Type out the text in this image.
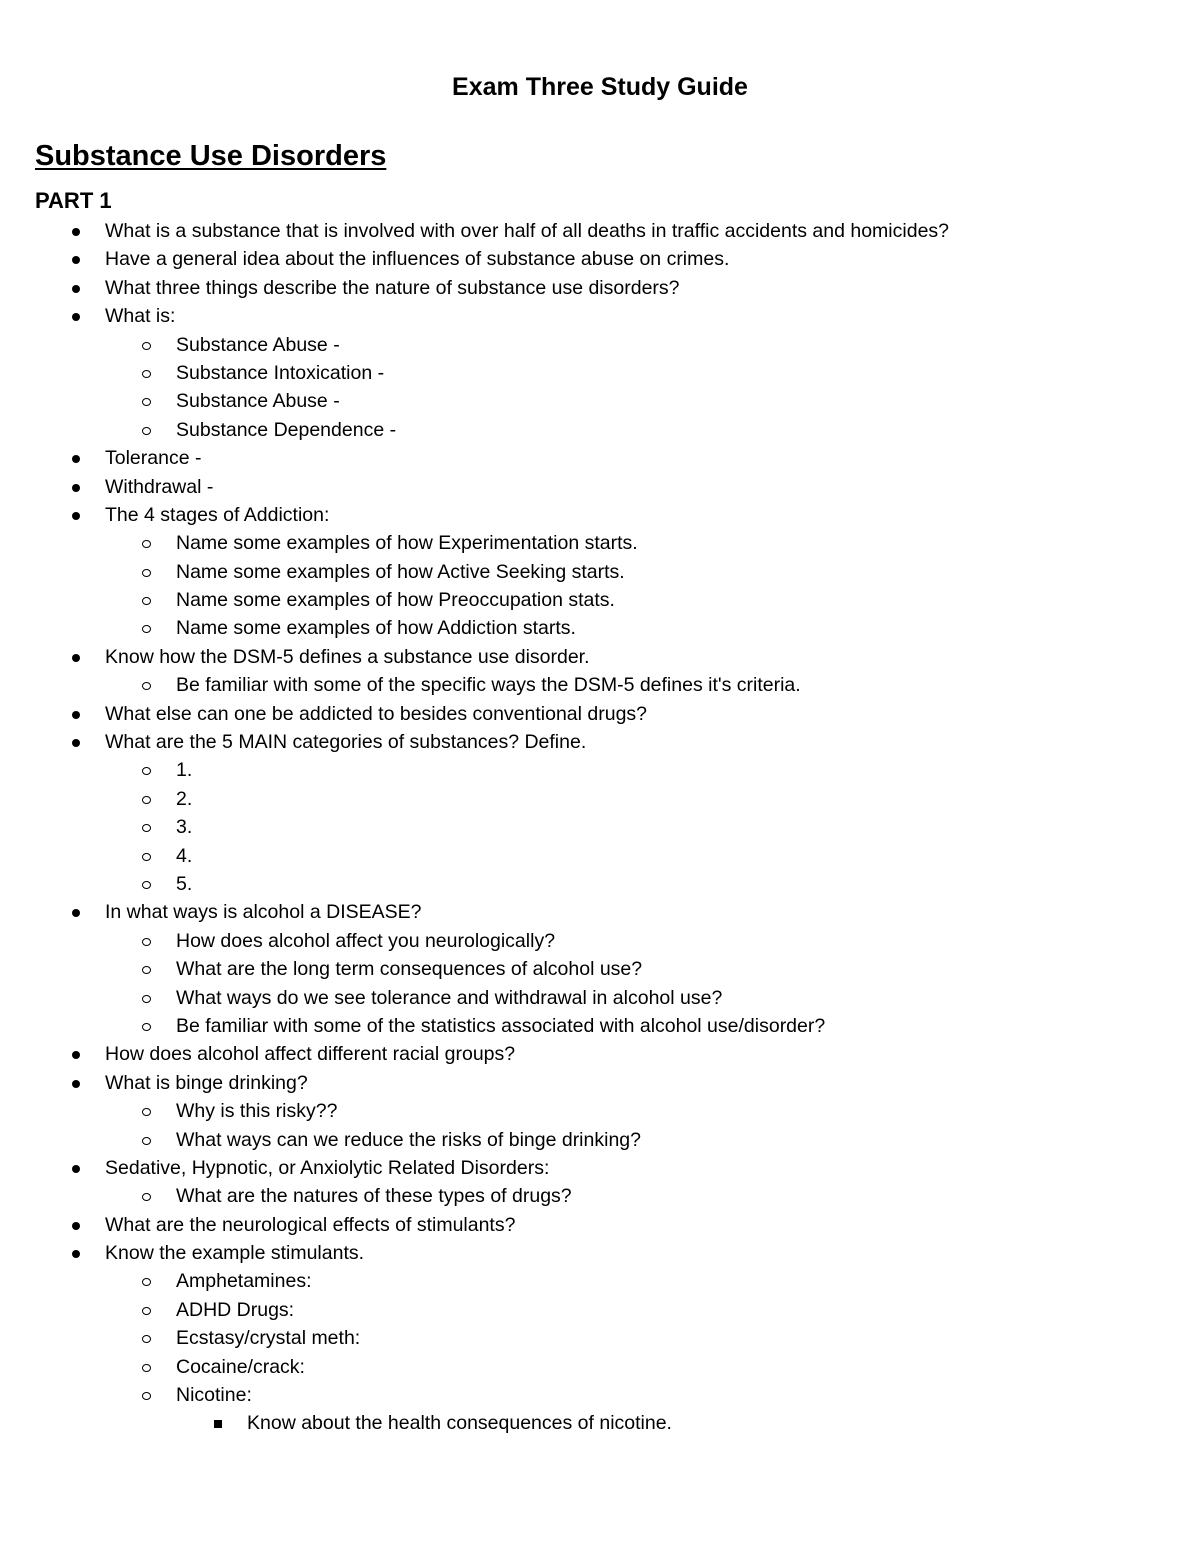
Exam Three Study Guide
Substance Use Disorders
PART 1
What is a substance that is involved with over half of all deaths in traffic accidents and homicides?
Have a general idea about the influences of substance abuse on crimes.
What three things describe the nature of substance use disorders?
What is:
Substance Abuse -
Substance Intoxication -
Substance Abuse -
Substance Dependence -
Tolerance -
Withdrawal -
The 4 stages of Addiction:
Name some examples of how Experimentation starts.
Name some examples of how Active Seeking starts.
Name some examples of how Preoccupation stats.
Name some examples of how Addiction starts.
Know how the DSM-5 defines a substance use disorder.
Be familiar with some of the specific ways the DSM-5 defines it's criteria.
What else can one be addicted to besides conventional drugs?
What are the 5 MAIN categories of substances? Define.
1.
2.
3.
4.
5.
In what ways is alcohol a DISEASE?
How does alcohol affect you neurologically?
What are the long term consequences of alcohol use?
What ways do we see tolerance and withdrawal in alcohol use?
Be familiar with some of the statistics associated with alcohol use/disorder?
How does alcohol affect different racial groups?
What is binge drinking?
Why is this risky??
What ways can we reduce the risks of binge drinking?
Sedative, Hypnotic, or Anxiolytic Related Disorders:
What are the natures of these types of drugs?
What are the neurological effects of stimulants?
Know the example stimulants.
Amphetamines:
ADHD Drugs:
Ecstasy/crystal meth:
Cocaine/crack:
Nicotine:
Know about the health consequences of nicotine.
